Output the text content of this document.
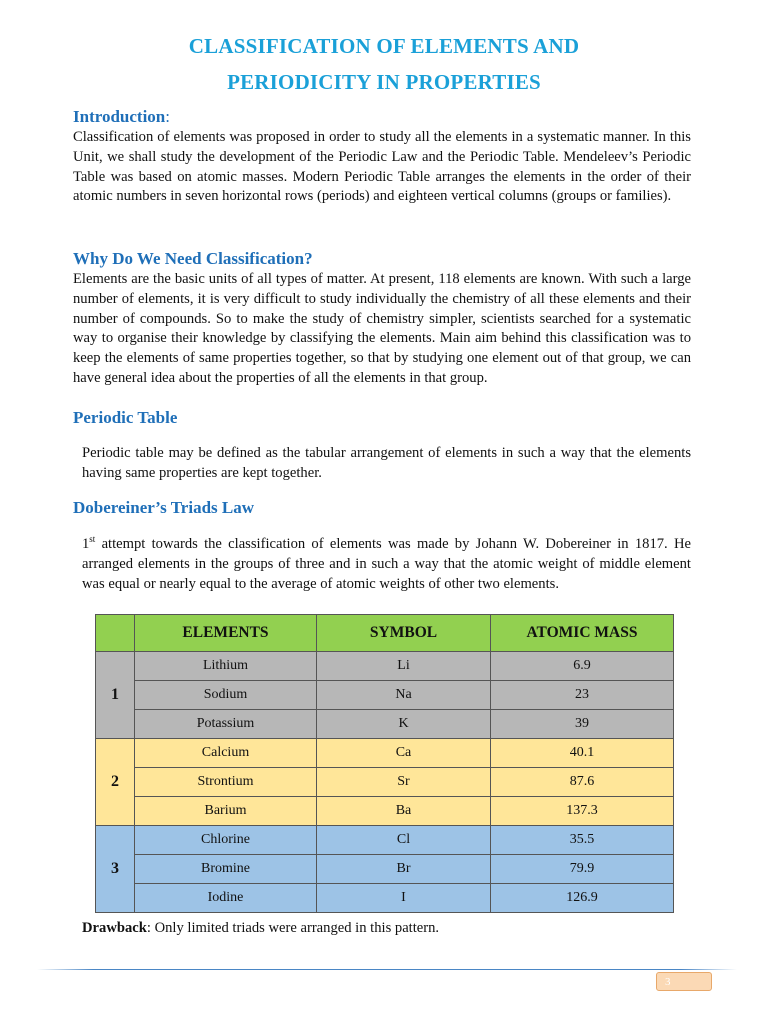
CLASSIFICATION OF ELEMENTS AND
PERIODICITY IN PROPERTIES
Introduction:

Classification of elements was proposed in order to study all the elements in a systematic manner. In this Unit, we shall study the development of the Periodic Law and the Periodic Table. Mendeleev’s Periodic Table was based on atomic masses. Modern Periodic Table arranges the elements in the order of their atomic numbers in seven horizontal rows (periods) and eighteen vertical columns (groups or families).

Why Do We Need Classification?

Elements are the basic units of all types of matter. At present, 118 elements are known. With such a large number of elements, it is very difficult to study individually the chemistry of all these elements and their number of compounds. So to make the study of chemistry simpler, scientists searched for a systematic way to organise their knowledge by classifying the elements. Main aim behind this classification was to keep the elements of same properties together, so that by studying one element out of that group, we can have general idea about the properties of all the elements in that group.

Periodic Table

Periodic table may be defined as the tabular arrangement of elements in such a way that the elements having same properties are kept together.

Dobereiner’s Triads Law

1st attempt towards the classification of elements was made by Johann W. Dobereiner in 1817. He arranged elements in the groups of three and in such a way that the atomic weight of middle element was equal or nearly equal to the average of atomic weights of other two elements.

	ELEMENTS	SYMBOL	ATOMIC MASS
1	Lithium	Li	6.9
	Sodium	Na	23
	Potassium	K	39
2	Calcium	Ca	40.1
	Strontium	Sr	87.6
	Barium	Ba	137.3
3	Chlorine	Cl	35.5
	Bromine	Br	79.9
	Iodine	I	126.9
Drawback: Only limited triads were arranged in this pattern.
3
